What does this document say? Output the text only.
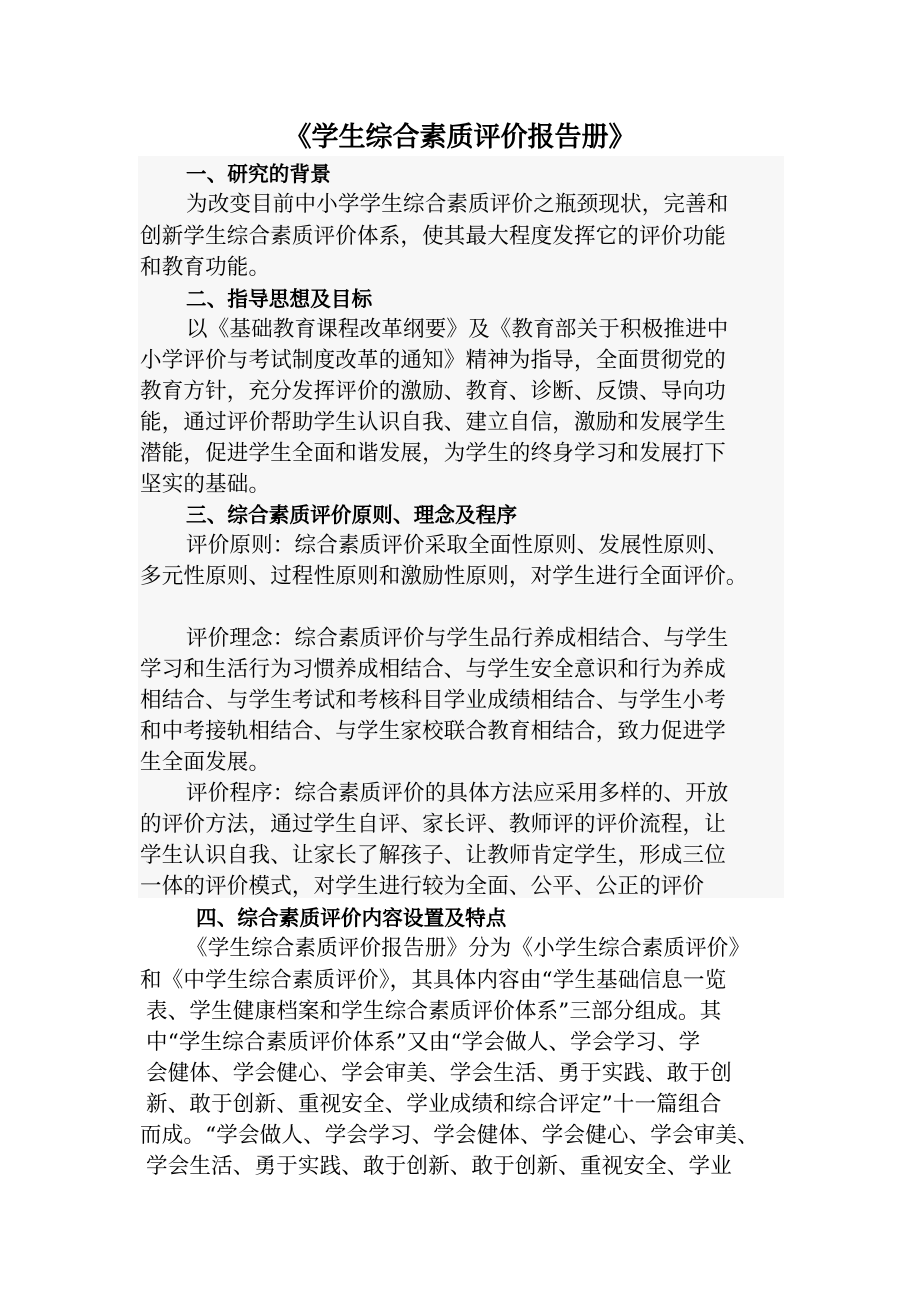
《学生综合素质评价报告册》
一、研究的背景
为改变目前中小学学生综合素质评价之瓶颈现状，完善和
创新学生综合素质评价体系，使其最大程度发挥它的评价功能
和教育功能。
二、指导思想及目标
以《基础教育课程改革纲要》及《教育部关于积极推进中
小学评价与考试制度改革的通知》精神为指导，全面贯彻党的
教育方针，充分发挥评价的激励、教育、诊断、反馈、导向功
能，通过评价帮助学生认识自我、建立自信，激励和发展学生
潜能，促进学生全面和谐发展，为学生的终身学习和发展打下
坚实的基础。
三、综合素质评价原则、理念及程序
评价原则：综合素质评价采取全面性原则、发展性原则、
多元性原则、过程性原则和激励性原则，对学生进行全面评价。
评价理念：综合素质评价与学生品行养成相结合、与学生
学习和生活行为习惯养成相结合、与学生安全意识和行为养成
相结合、与学生考试和考核科目学业成绩相结合、与学生小考
和中考接轨相结合、与学生家校联合教育相结合，致力促进学
生全面发展。
评价程序：综合素质评价的具体方法应采用多样的、开放
的评价方法，通过学生自评、家长评、教师评的评价流程，让
学生认识自我、让家长了解孩子、让教师肯定学生，形成三位
一体的评价模式，对学生进行较为全面、公平、公正的评价
四、综合素质评价内容设置及特点
《学生综合素质评价报告册》分为《小学生综合素质评价》
和《中学生综合素质评价》，其具体内容由“学生基础信息一览
表、学生健康档案和学生综合素质评价体系”三部分组成。其
中“学生综合素质评价体系”又由“学会做人、学会学习、学
会健体、学会健心、学会审美、学会生活、勇于实践、敢于创
新、敢于创新、重视安全、学业成绩和综合评定”十一篇组合
而成。“学会做人、学会学习、学会健体、学会健心、学会审美、
学会生活、勇于实践、敢于创新、敢于创新、重视安全、学业
